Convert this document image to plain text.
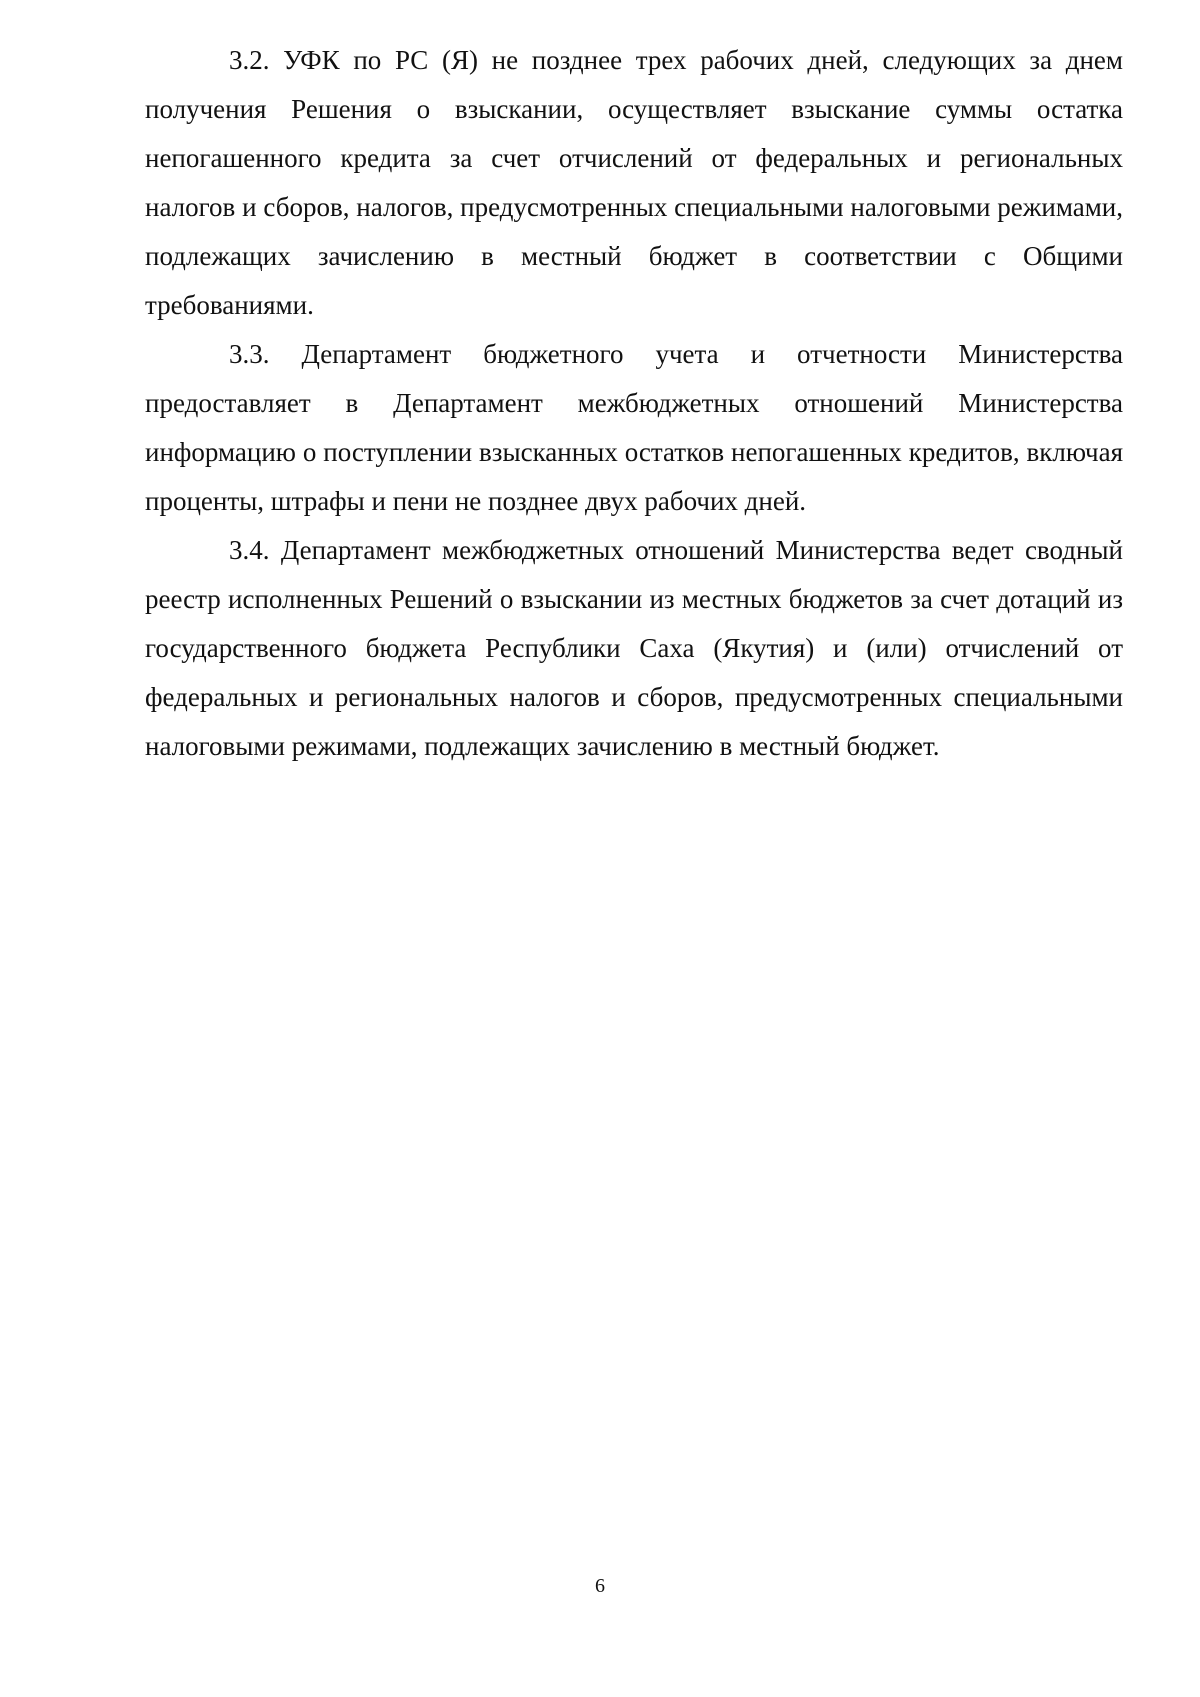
3.2. УФК по РС (Я) не позднее трех рабочих дней, следующих за днем получения Решения о взыскании, осуществляет взыскание суммы остатка непогашенного кредита за счет отчислений от федеральных и региональных налогов и сборов, налогов, предусмотренных специальными налоговыми режимами, подлежащих зачислению в местный бюджет в соответствии с Общими требованиями.

3.3. Департамент бюджетного учета и отчетности Министерства предоставляет в Департамент межбюджетных отношений Министерства информацию о поступлении взысканных остатков непогашенных кредитов, включая проценты, штрафы и пени не позднее двух рабочих дней.

3.4. Департамент межбюджетных отношений Министерства ведет сводный реестр исполненных Решений о взыскании из местных бюджетов за счет дотаций из государственного бюджета Республики Саха (Якутия) и (или) отчислений от федеральных и региональных налогов и сборов, предусмотренных специальными налоговыми режимами, подлежащих зачислению в местный бюджет.

6
